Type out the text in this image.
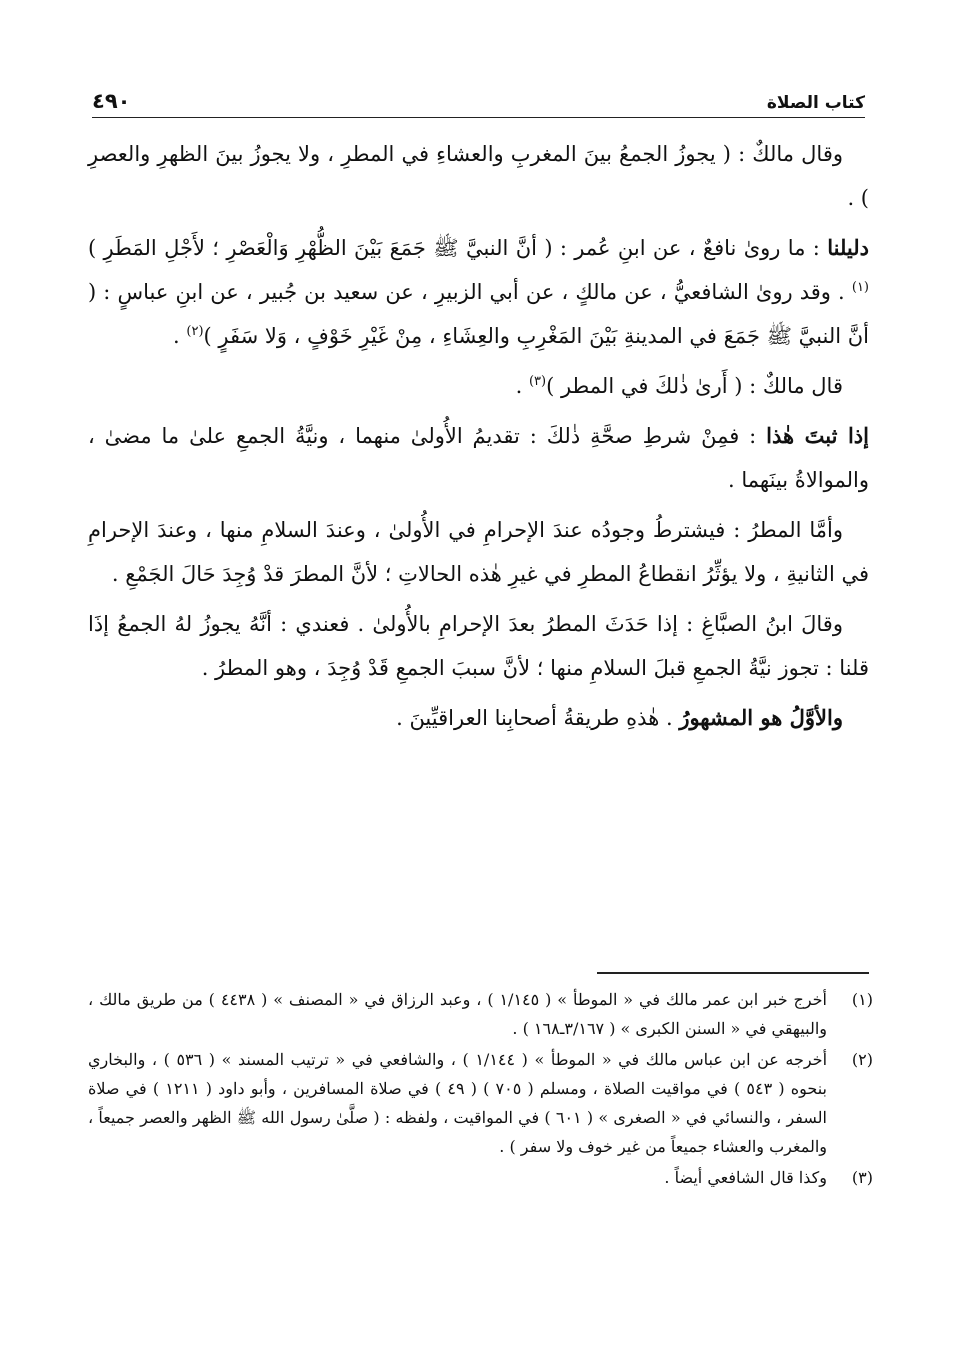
كتاب الصلاة
٤٩٠

وقال مالكٌ : ( يجوزُ الجمعُ بينَ المغربِ والعشاءِ في المطرِ ، ولا يجوزُ بينَ الظهرِ والعصرِ ) .

دليلنا : ما روىٰ نافعٌ ، عن ابنِ عُمر : ( أنَّ النبيَّ ﷺ جَمَعَ بَيْنَ الظُّهْرِ وَالْعَصْرِ ؛ لأَجْلِ المَطَرِ )$^{(١)}$ . وقد روىٰ الشافعيُّ ، عن مالكٍ ، عن أبي الزبيرِ ، عن سعيد بن جُبير ، عن ابنِ عباسٍ : ( أنَّ النبيَّ ﷺ جَمَعَ في المدينةِ بَيْنَ المَغْرِبِ والعِشَاءِ ، مِنْ غَيْرِ خَوْفٍ ، وَلا سَفَرٍ )$^{(٢)}$ .

قال مالكٌ : ( أَرىٰ ذٰلكَ في المطر )$^{(٣)}$ .

إذا ثبتَ هٰذا : فمِنْ شرطِ صحَّةِ ذٰلكَ : تقديمُ الأُولىٰ منهما ، ونيَّةُ الجمعِ علىٰ ما مضىٰ ، والموالاةُ بينَهما .

وأمَّا المطرُ : فيشترطُ وجودُه عندَ الإحرامِ في الأُولىٰ ، وعندَ السلامِ منها ، وعندَ الإحرامِ في الثانيةِ ، ولا يؤثِّرُ انقطاعُ المطرِ في غيرِ هٰذه الحالاتِ ؛ لأنَّ المطرَ قدْ وُجِدَ حَالَ الجَمْعِ .

وقالَ ابنُ الصبَّاغِ : إذا حَدَثَ المطرُ بعدَ الإحرامِ بالأُولىٰ . فعندي : أنَّهُ يجوزُ لهُ الجمعُ إذَا قلنا : تجوز نيَّةُ الجمعِ قبلَ السلامِ منها ؛ لأنَّ سببَ الجمعِ قَدْ وُجِدَ ، وهو المطرُ .

والأوَّلُ هو المشهورُ . هٰذهِ طريقةُ أصحابِنا العراقيِّينَ .

(١)
أخرج خبر ابن عمر مالك في « الموطأ » ( ١/١٤٥ ) ، وعبد الرزاق في « المصنف » ( ٤٤٣٨ ) من طريق مالك ، والبيهقي في « السنن الكبرى » ( ٣/١٦٧ـ١٦٨ ) .
(٢)
أخرجه عن ابن عباس مالك في « الموطأ » ( ١/١٤٤ ) ، والشافعي في « ترتيب المسند » ( ٥٣٦ ) ، والبخاري بنحوه ( ٥٤٣ ) في مواقيت الصلاة ، ومسلم ( ٧٠٥ ) ( ٤٩ ) في صلاة المسافرين ، وأبو داود ( ١٢١١ ) في صلاة السفر ، والنسائي في « الصغرى » ( ٦٠١ ) في المواقيت ، ولفظه : ( صلَّىٰ رسول الله ﷺ الظهر والعصر جميعاً ، والمغرب والعشاء جميعاً من غير خوف ولا سفر ) .
(٣)
وكذا قال الشافعي أيضاً .
